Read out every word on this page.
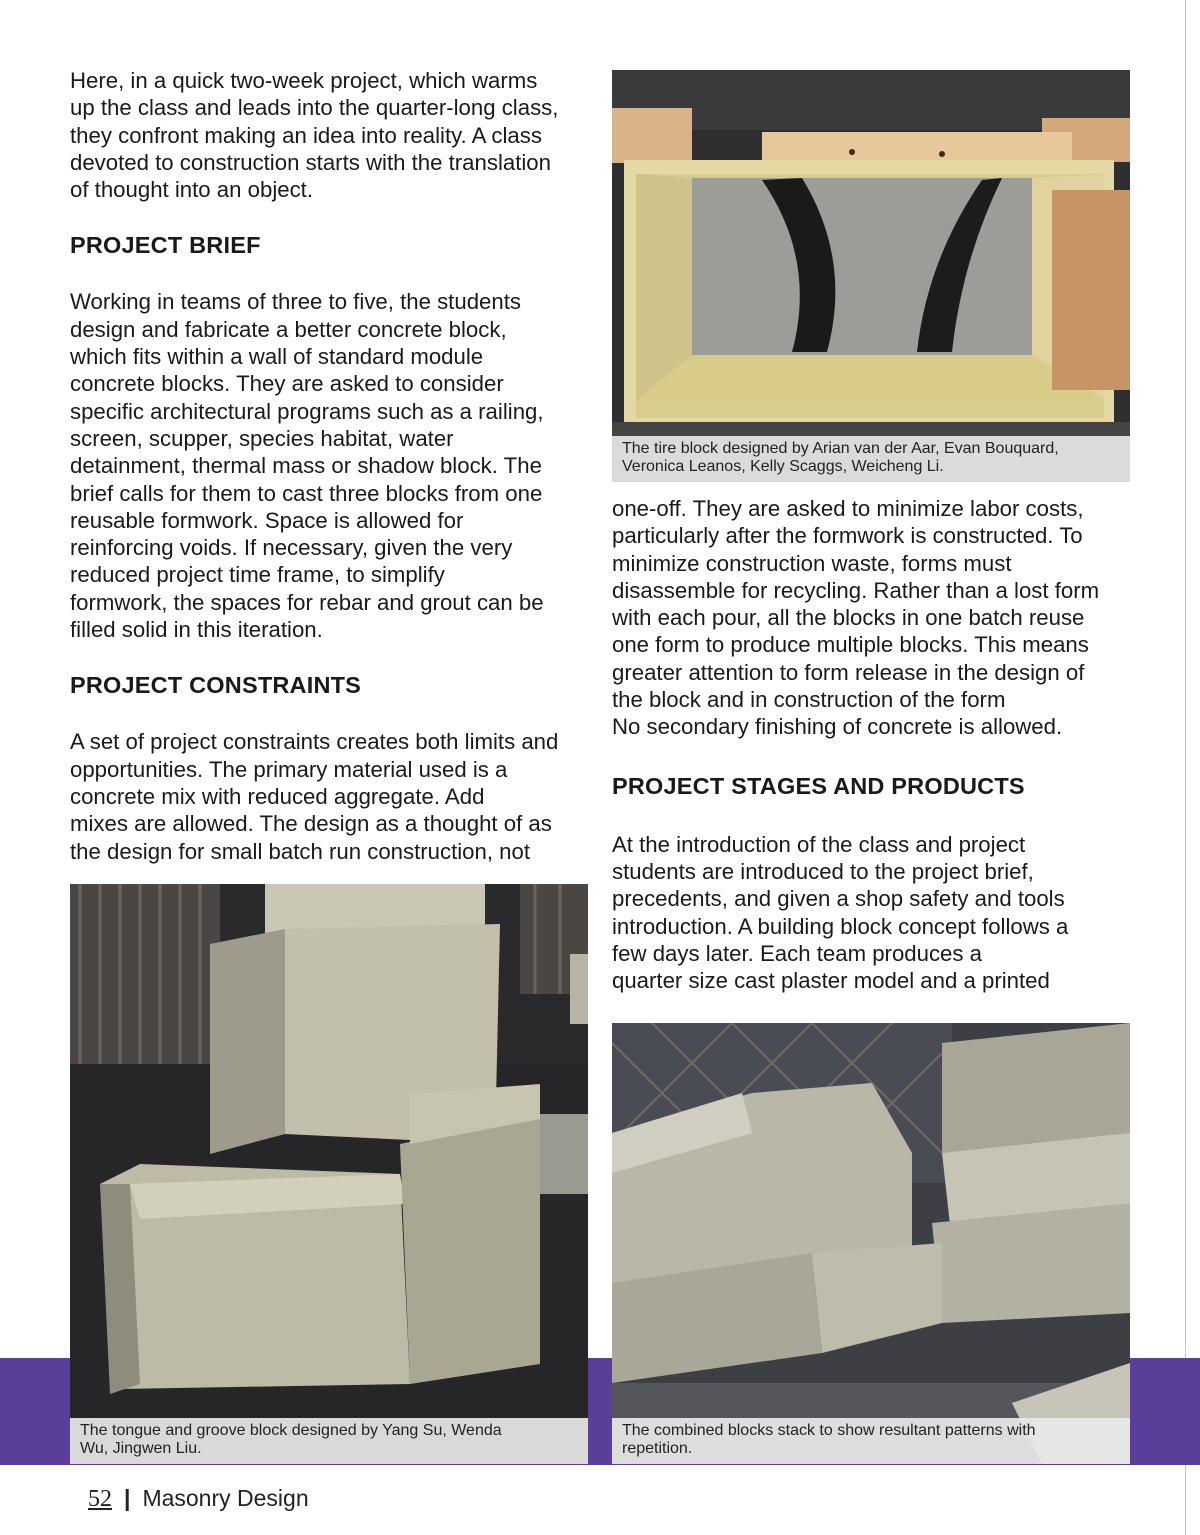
Here, in a quick two-week project, which warms
up the class and leads into the quarter-long class,
they confront making an idea into reality. A class
devoted to construction starts with the translation
of thought into an object.

PROJECT BRIEF

Working in teams of three to five, the students
design and fabricate a better concrete block,
which fits within a wall of standard module
concrete blocks. They are asked to consider
specific architectural programs such as a railing,
screen, scupper, species habitat, water
detainment, thermal mass or shadow block. The
brief calls for them to cast three blocks from one
reusable formwork. Space is allowed for
reinforcing voids. If necessary, given the very
reduced project time frame, to simplify
formwork, the spaces for rebar and grout can be
filled solid in this iteration.

PROJECT CONSTRAINTS

A set of project constraints creates both limits and
opportunities. The primary material used is a
concrete mix with reduced aggregate. Add
mixes are allowed. The design as a thought of as
the design for small batch run construction, not

The tire block designed by Arian van der Aar, Evan Bouquard,
Veronica Leanos, Kelly Scaggs, Weicheng Li.

one-off. They are asked to minimize labor costs,
particularly after the formwork is constructed. To
minimize construction waste, forms must
disassemble for recycling. Rather than a lost form
with each pour, all the blocks in one batch reuse
one form to produce multiple blocks. This means
greater attention to form release in the design of
the block and in construction of the form
No secondary finishing of concrete is allowed.

PROJECT STAGES AND PRODUCTS

At the introduction of the class and project
students are introduced to the project brief,
precedents, and given a shop safety and tools
introduction. A building block concept follows a
few days later. Each team produces a
quarter size cast plaster model and a printed

The tongue and groove block designed by Yang Su, Wenda
Wu, Jingwen Liu.
The combined blocks stack to show resultant patterns with
repetition.
52 | Masonry Design
